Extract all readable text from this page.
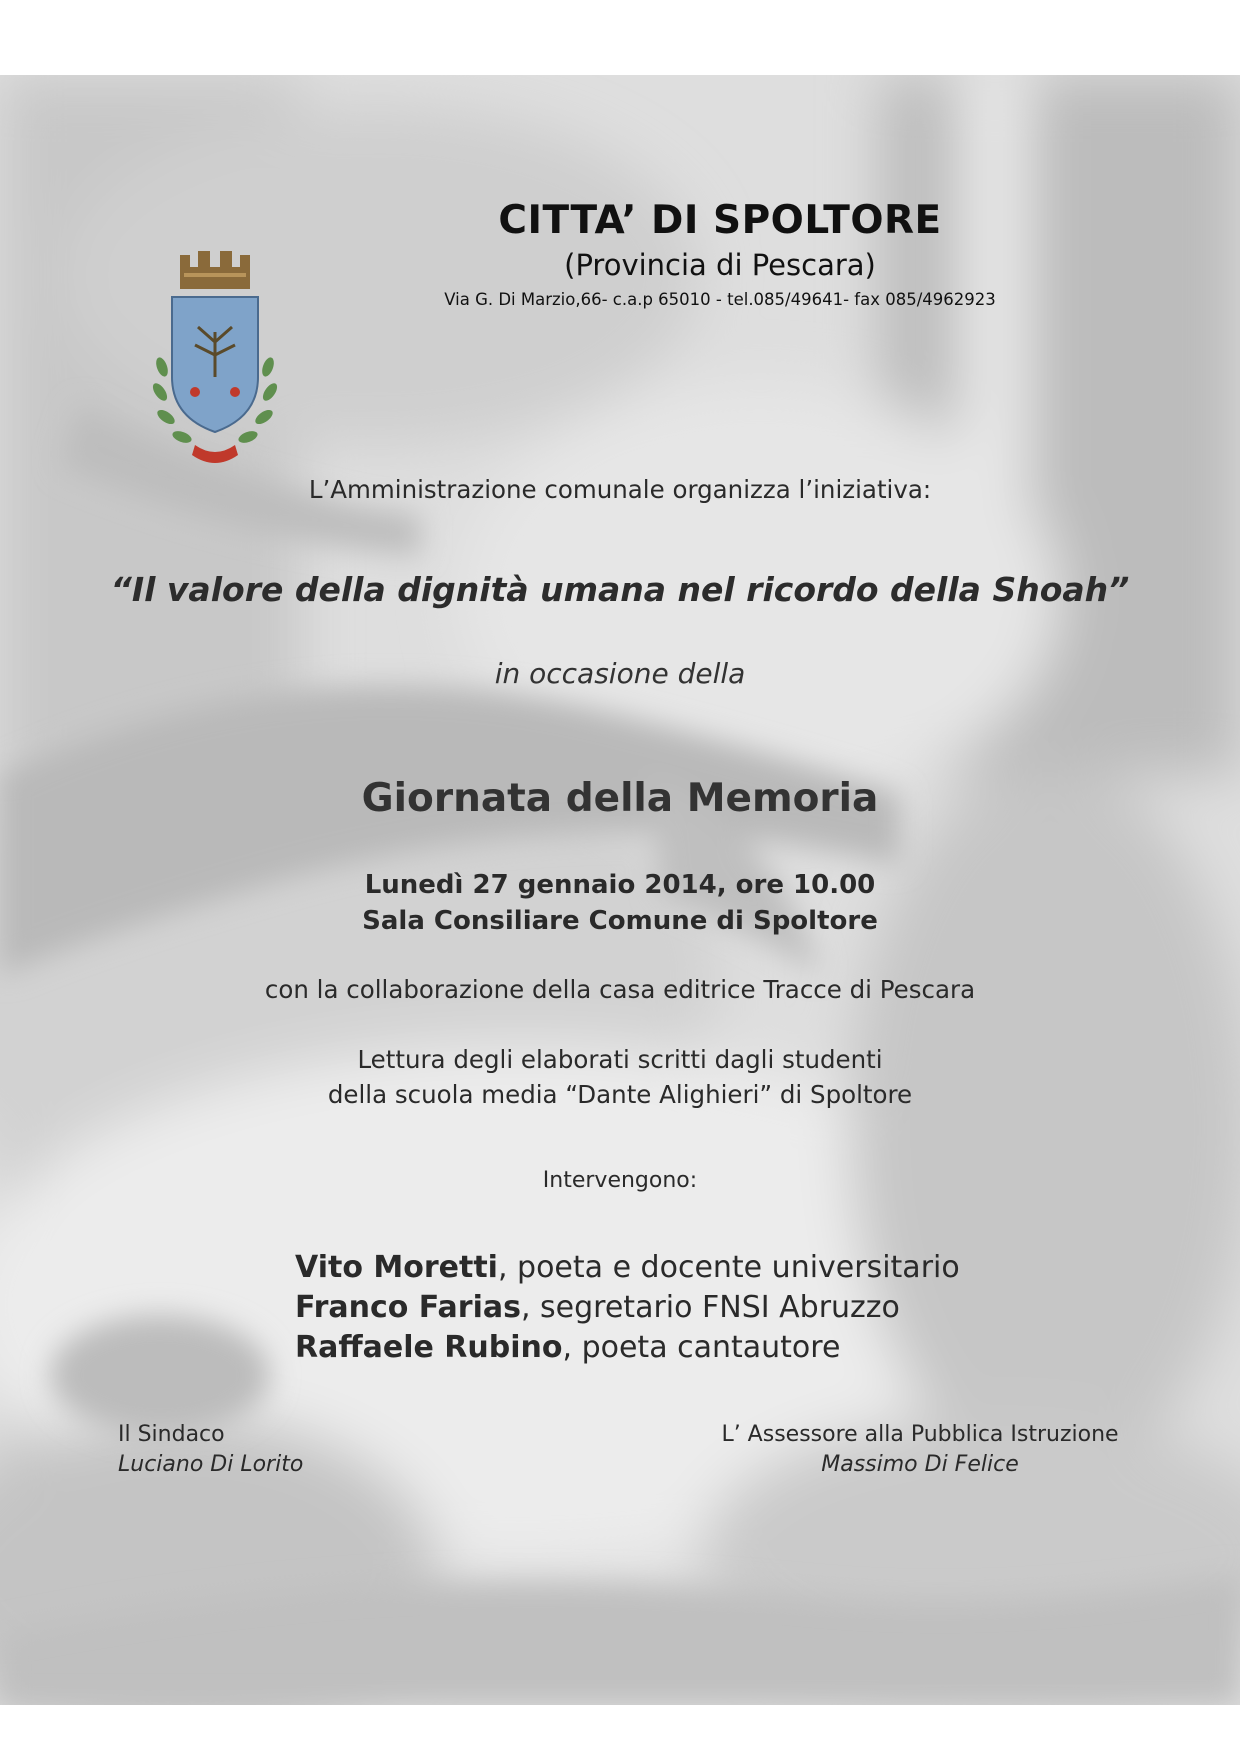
CITTA’ DI SPOLTORE

(Provincia di Pescara)

Via G. Di Marzio,66- c.a.p 65010 - tel.085/49641- fax 085/4962923

L’Amministrazione comunale organizza l’iniziativa:

“Il valore della dignità umana nel ricordo della Shoah”

in occasione della

Giornata della Memoria

Lunedì 27 gennaio 2014, ore 10.00

Sala Consiliare Comune di Spoltore

con la collaborazione della casa editrice Tracce di Pescara

Lettura degli elaborati scritti dagli studenti

della scuola media “Dante Alighieri” di Spoltore

Intervengono:

Vito Moretti, poeta e docente universitario

Franco Farias, segretario FNSI Abruzzo

Raffaele Rubino, poeta cantautore

Il Sindaco

Luciano Di Lorito

L’ Assessore alla Pubblica Istruzione

Massimo Di Felice
